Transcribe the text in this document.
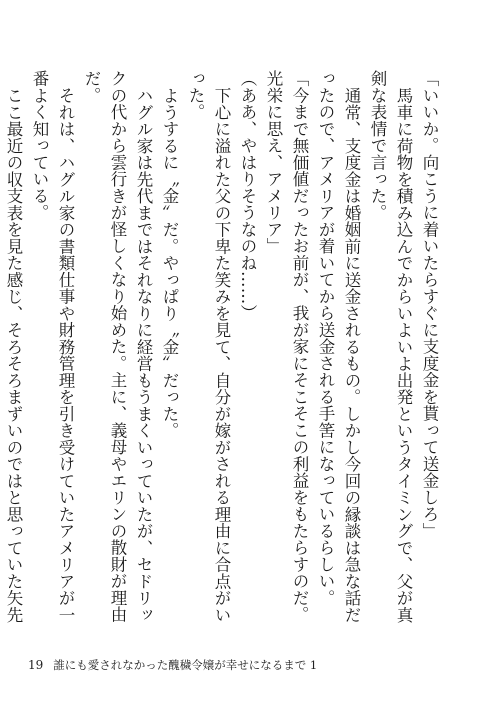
「いいか。向こうに着いたらすぐに支度金を貰って送金しろ」

馬車に荷物を積み込んでからいよいよ出発というタイミングで、父が真剣な表情で言った。

通常、支度金は婚姻前に送金されるもの。しかし今回の縁談は急な話だったので、アメリアが着いてから送金される手筈になっているらしい。

「今まで無価値だったお前が、我が家にそこそこの利益をもたらすのだ。光栄に思え、アメリア」

（ああ、やはりそうなのね……）

下心に溢れた父の下卑た笑みを見て、自分が嫁がされる理由に合点がいった。

ようするに〝金〟だ。やっぱり〝金〟だった。

ハグル家は先代まではそれなりに経営もうまくいっていたが、セドリックの代から雲行きが怪しくなり始めた。主に、義母やエリンの散財が理由だ。

それは、ハグル家の書類仕事や財務管理を引き受けていたアメリアが一番よく知っている。

ここ最近の収支表を見た感じ、そろそろまずいのではと思っていた矢先

19 誰にも愛されなかった醜穢令嬢が幸せになるまで 1
